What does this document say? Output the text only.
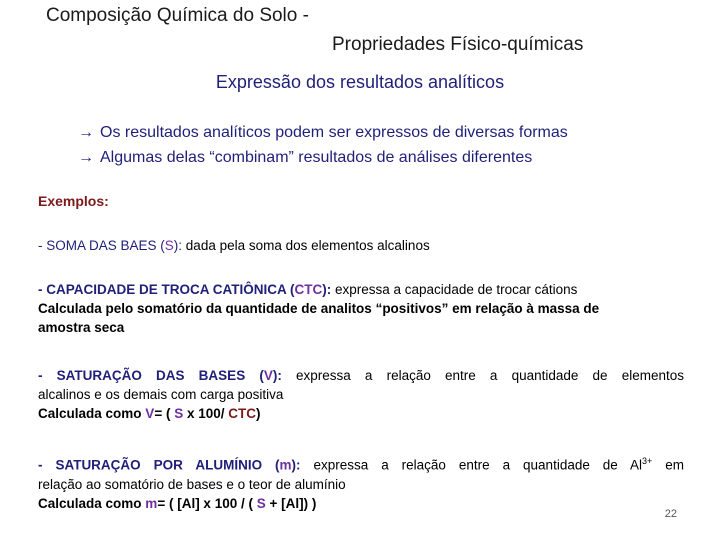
Composição Química do Solo -
Propriedades Físico-químicas
Expressão dos resultados analíticos
→ Os resultados analíticos podem ser expressos de diversas formas
→ Algumas delas “combinam” resultados de análises diferentes
Exemplos:
- SOMA DAS BAES (S): dada pela soma dos elementos alcalinos
- CAPACIDADE DE TROCA CATIÔNICA (CTC): expressa a capacidade de trocar cátions
Calculada pelo somatório da quantidade de analitos “positivos” em relação à massa de
amostra seca
- SATURAÇÃO DAS BASES (V): expressa a relação entre a quantidade de elementos
alcalinos e os demais com carga positiva
Calculada como V= ( S x 100/ CTC)
- SATURAÇÃO POR ALUMÍNIO (m): expressa a relação entre a quantidade de $Al^{3+}$ em
relação ao somatório de bases e o teor de alumínio
Calculada como m= ( [Al] x 100 / ( S + [Al]) )
22
